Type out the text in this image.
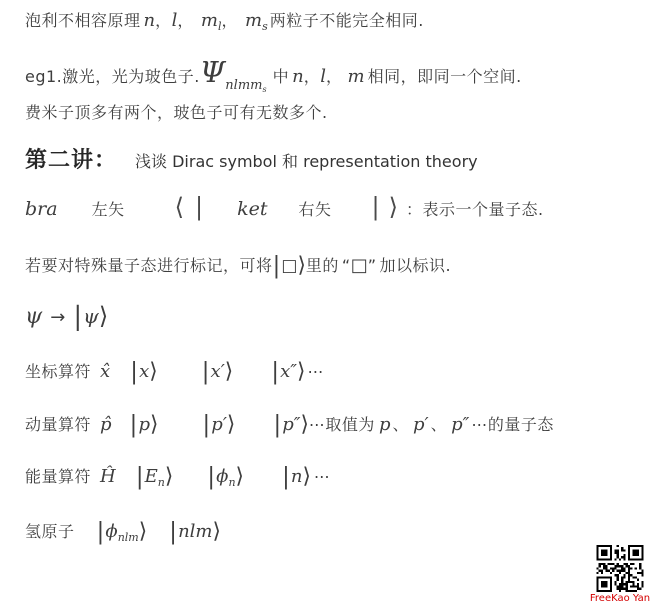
泡利不相容原理 n，l， $m_l$， $m_s$ 两粒子不能完全相同.
eg1.激光，光为玻色子$.\Psi_{nlmms}$中 n，l， m 相同，即同一个空间.
费米子顶多有两个，玻色子可有无数多个.
第二讲： 浅谈 Dirac symbol 和 representation theory
bra 左矢 ⟨ | ket 右矢 | ⟩ ：表示一个量子态.
若要对特殊量子态进行标记，可将|□⟩里的 “□” 加以标识.
ψ → |ψ⟩
坐标算符 x̂ |x⟩ |x′⟩ |x″⟩ ⋯
动量算符 p̂ |p⟩ |p′⟩ |p″⟩⋯取值为 p 、 p′ 、 p″ ⋯的量子态
能量算符 Ĥ $|E_n⟩$ $|\phi_n⟩$ |n⟩ ⋯
氢原子 $|\phi_{nlm}⟩$ |nlm⟩
FreeKao Yan
